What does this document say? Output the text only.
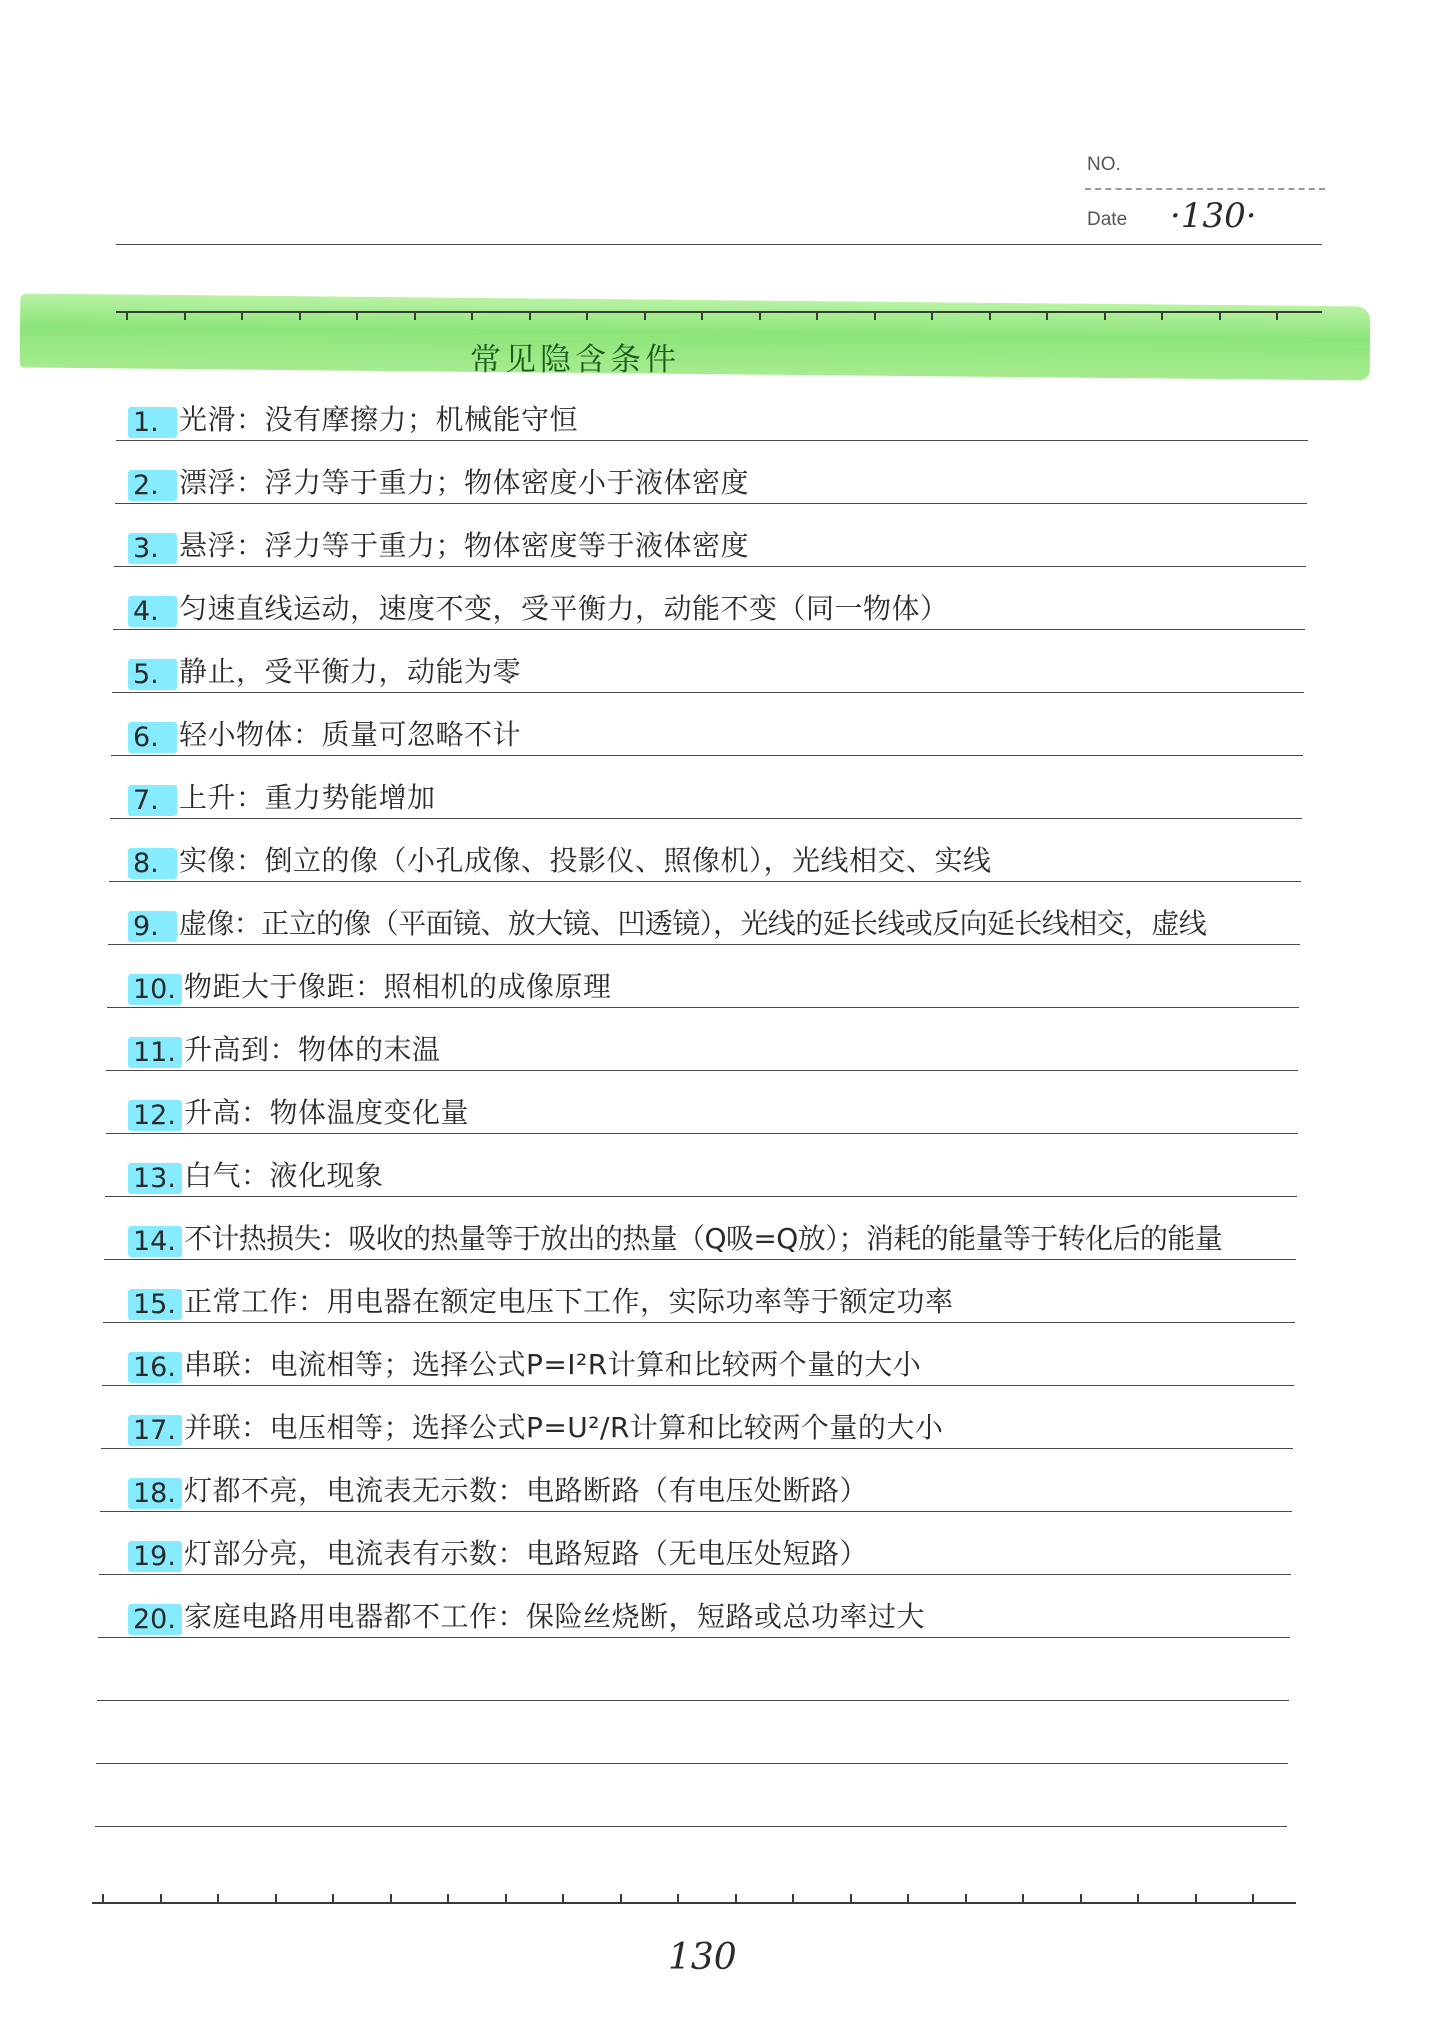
NO.
Date ·130·
常见隐含条件
1. 光滑：没有摩擦力；机械能守恒
2. 漂浮：浮力等于重力；物体密度小于液体密度
3. 悬浮：浮力等于重力；物体密度等于液体密度
4. 匀速直线运动，速度不变，受平衡力，动能不变（同一物体）
5. 静止，受平衡力，动能为零
6. 轻小物体：质量可忽略不计
7. 上升：重力势能增加
8. 实像：倒立的像（小孔成像、投影仪、照像机），光线相交、实线
9. 虚像：正立的像（平面镜、放大镜、凹透镜），光线的延长线或反向延长线相交，虚线
10. 物距大于像距：照相机的成像原理
11. 升高到：物体的末温
12. 升高：物体温度变化量
13. 白气：液化现象
14. 不计热损失：吸收的热量等于放出的热量（Q吸=Q放）；消耗的能量等于转化后的能量
15. 正常工作：用电器在额定电压下工作，实际功率等于额定功率
16. 串联：电流相等；选择公式P=I²R计算和比较两个量的大小
17. 并联：电压相等；选择公式P=U²/R计算和比较两个量的大小
18. 灯都不亮，电流表无示数：电路断路（有电压处断路）
19. 灯部分亮，电流表有示数：电路短路（无电压处短路）
20. 家庭电路用电器都不工作：保险丝烧断，短路或总功率过大
130
